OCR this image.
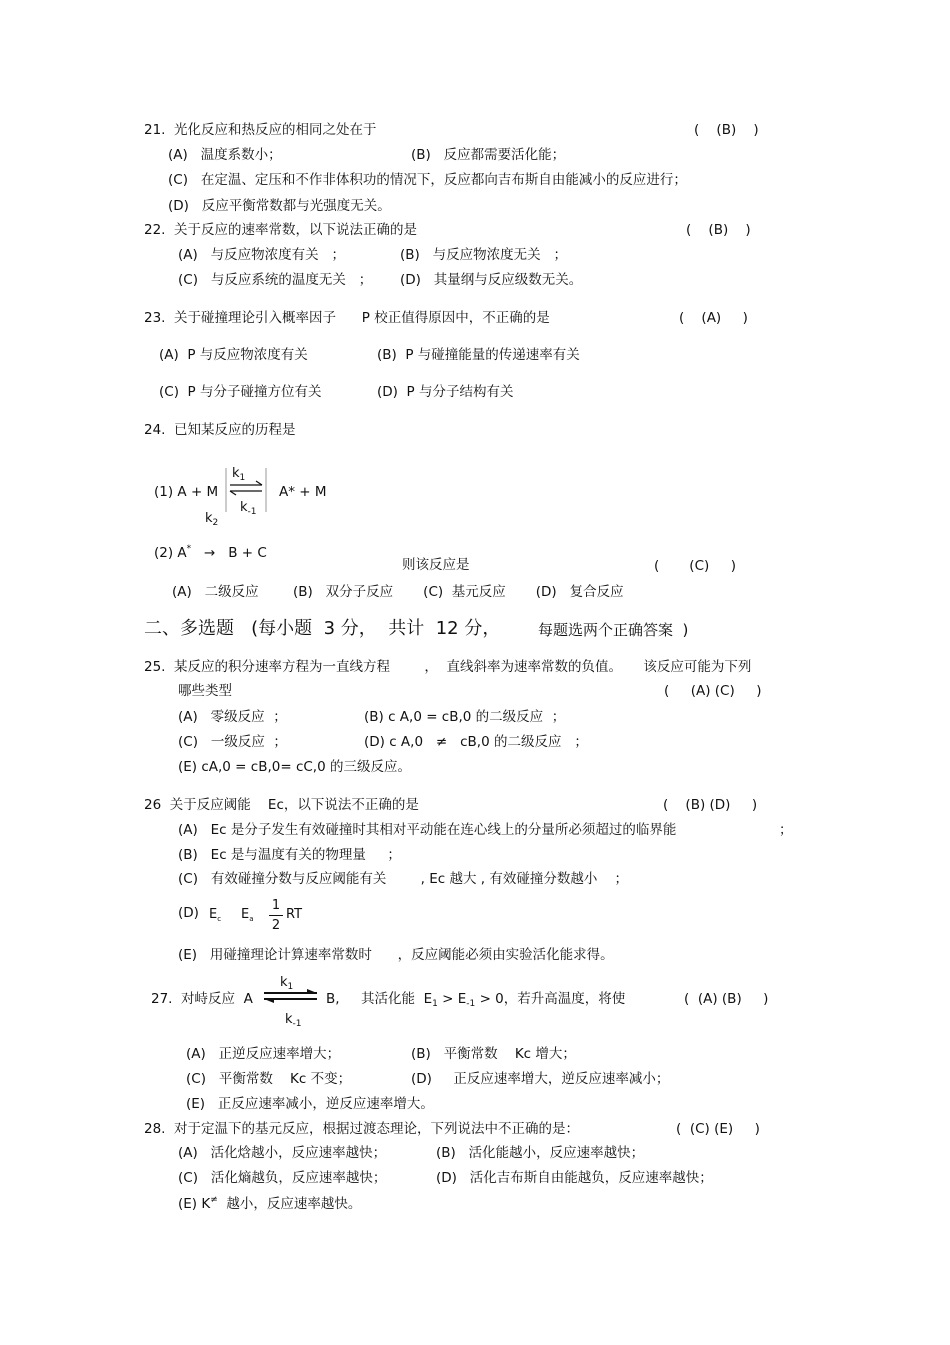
21.  光化反应和热反应的相同之处在于	(    (B)    )
(A)   温度系数小；	(B)   反应都需要活化能；
(C)   在定温、定压和不作非体积功的情况下，反应都向吉布斯自由能减小的反应进行；
(D)   反应平衡常数都与光强度无关。
22.  关于反应的速率常数，以下说法正确的是	(    (B)    )
(A)   与反应物浓度有关   ；	(B)   与反应物浓度无关   ；
(C)   与反应系统的温度无关   ； (D)   其量纲与反应级数无关。
23.  关于碰撞理论引入概率因子      P 校正值得原因中，不正确的是	(    (A)     )
(A)  P 与反应物浓度有关	(B)  P 与碰撞能量的传递速率有关
(C)  P 与分子碰撞方位有关	(D)  P 与分子结构有关
24.  已知某反应的历程是
(1) A + M
$k_1$
$k_{-1}$
A* + M
$k_2$
(2) A* →   B + C
则该反应是	(       (C)     )
(A)   二级反应        (B)   双分子反应       (C)  基元反应       (D)   复合反应
二、多选题   (每小题  3 分，  共计  12 分，	每题选两个正确答案  )
25.  某反应的积分速率方程为一直线方程        ，  直线斜率为速率常数的负值。     该反应可能为下列
哪些类型	(     (A) (C)     )
(A)   零级反应  ；	(B) c A,0 = cB,0 的二级反应  ；
(C)   一级反应  ；	(D) c A,0   ≠   cB,0 的二级反应   ；
(E) cA,0 = cB,0= cC,0 的三级反应。
26  关于反应阈能    Ec，以下说法不正确的是	(    (B) (D)     )
(A)   Ec 是分子发生有效碰撞时其相对平动能在连心线上的分量所必须超过的临界能	；
(B)   Ec 是与温度有关的物理量     ；
(C)   有效碰撞分数与反应阈能有关        , Ec 越大 , 有效碰撞分数越小    ；
(D) $E_c$ $E_a$
1
2
RT
(E)   用碰撞理论计算速率常数时      ，反应阈能必须由实验活化能求得。
$k_1$
27.  对峙反应  A	B,     其活化能  $E_1 > E_{-1} > 0$，若升高温度，将使	(  (A) (B)     )
$k_{-1}$
(A)   正逆反应速率增大；	(B)   平衡常数    Kc 增大；
(C)   平衡常数    Kc 不变；	(D)     正反应速率增大，逆反应速率减小；
(E)   正反应速率减小，逆反应速率增大。
28.  对于定温下的基元反应，根据过渡态理论，下列说法中不正确的是：	(  (C) (E)     )
(A)   活化焓越小，反应速率越快；	(B)   活化能越小，反应速率越快；
(C)   活化熵越负，反应速率越快；	(D)   活化吉布斯自由能越负，反应速率越快；
(E) K≠  越小，反应速率越快。
